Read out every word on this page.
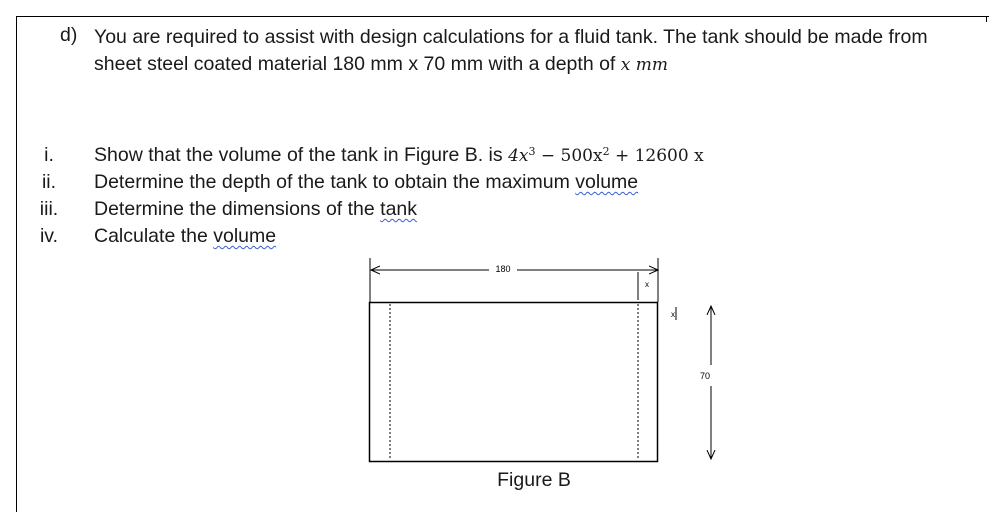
d) You are required to assist with design calculations for a fluid tank. The tank should be made from
sheet steel coated material 180 mm x 70 mm with a depth of x mm
i.	Show that the volume of the tank in Figure B. is $4x^3 - 500x^2 + 12600$ x
ii.	Determine the depth of the tank to obtain the maximum volume
iii. Determine the dimensions of the tank
iv.	Calculate the volume
180
x
x
70
Figure B
